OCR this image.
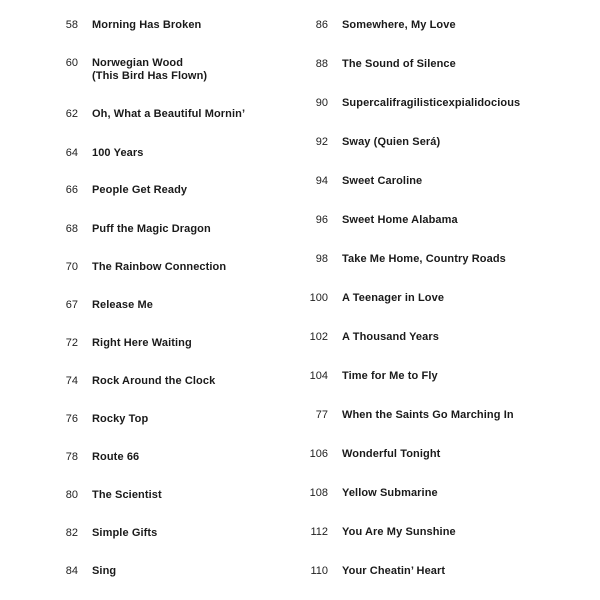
58 Morning Has Broken
60 Norwegian Wood
(This Bird Has Flown)
62 Oh, What a Beautiful Mornin’
64 100 Years
66 People Get Ready
68 Puff the Magic Dragon
70 The Rainbow Connection
67 Release Me
72 Right Here Waiting
74 Rock Around the Clock
76 Rocky Top
78 Route 66
80 The Scientist
82 Simple Gifts
84 Sing
86 Somewhere, My Love
88 The Sound of Silence
90 Supercalifragilisticexpialidocious
92 Sway (Quien Será)
94 Sweet Caroline
96 Sweet Home Alabama
98 Take Me Home, Country Roads
100 A Teenager in Love
102 A Thousand Years
104 Time for Me to Fly
77 When the Saints Go Marching In
106 Wonderful Tonight
108 Yellow Submarine
112 You Are My Sunshine
110 Your Cheatin’ Heart
